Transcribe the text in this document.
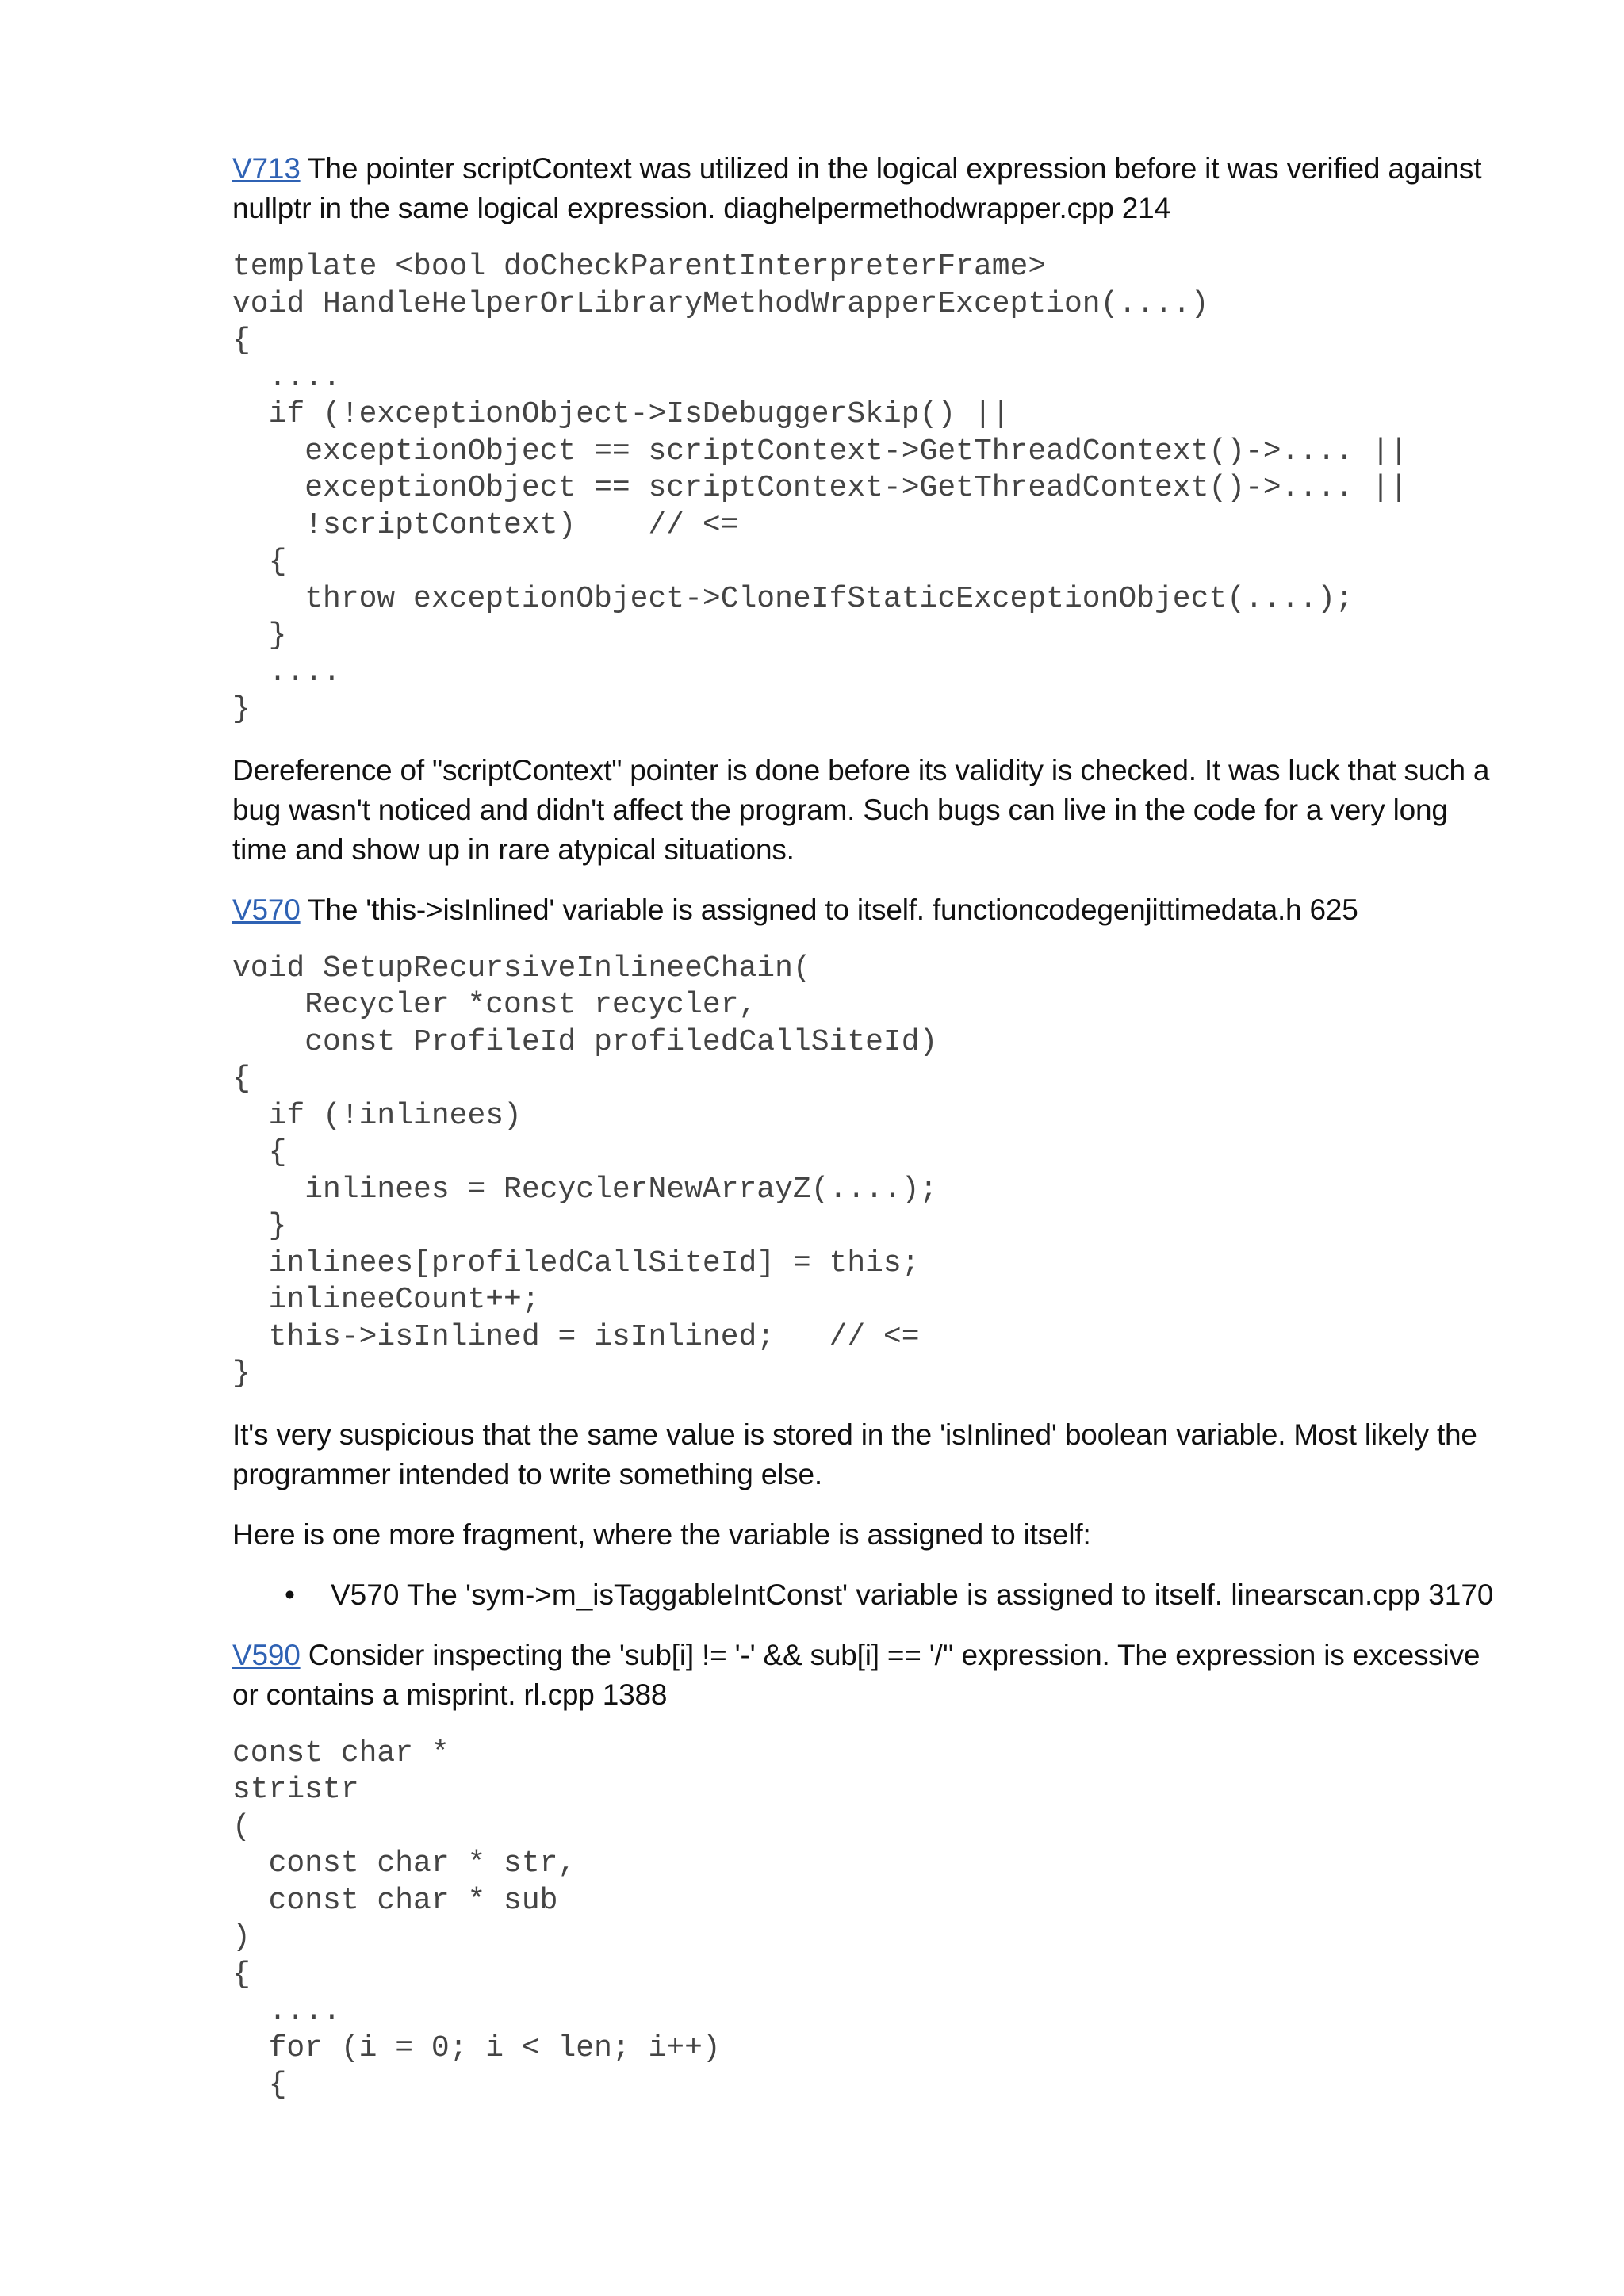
V713 The pointer scriptContext was utilized in the logical expression before it was verified against nullptr in the same logical expression. diaghelpermethodwrapper.cpp 214

template <bool doCheckParentInterpreterFrame>
void HandleHelperOrLibraryMethodWrapperException(....)
{
....
if (!exceptionObject->IsDebuggerSkip() ||
exceptionObject == scriptContext->GetThreadContext()->.... ||
exceptionObject == scriptContext->GetThreadContext()->.... ||
!scriptContext)    // <=
{
throw exceptionObject->CloneIfStaticExceptionObject(....);
}
....
}

Dereference of "scriptContext" pointer is done before its validity is checked. It was luck that such a bug wasn't noticed and didn't affect the program. Such bugs can live in the code for a very long time and show up in rare atypical situations.

V570 The 'this->isInlined' variable is assigned to itself. functioncodegenjittimedata.h 625

void SetupRecursiveInlineeChain(
Recycler *const recycler,
const ProfileId profiledCallSiteId)
{
if (!inlinees)
{
inlinees = RecyclerNewArrayZ(....);
}
inlinees[profiledCallSiteId] = this;
inlineeCount++;
this->isInlined = isInlined;   // <=
}

It's very suspicious that the same value is stored in the 'isInlined' boolean variable. Most likely the programmer intended to write something else.

Here is one more fragment, where the variable is assigned to itself:

• V570 The 'sym->m_isTaggableIntConst' variable is assigned to itself. linearscan.cpp 3170

V590 Consider inspecting the 'sub[i] != '-' && sub[i] == '/'' expression. The expression is excessive or contains a misprint. rl.cpp 1388

const char *
stristr
(
const char * str,
const char * sub
)
{
....
for (i = 0; i < len; i++)
{
